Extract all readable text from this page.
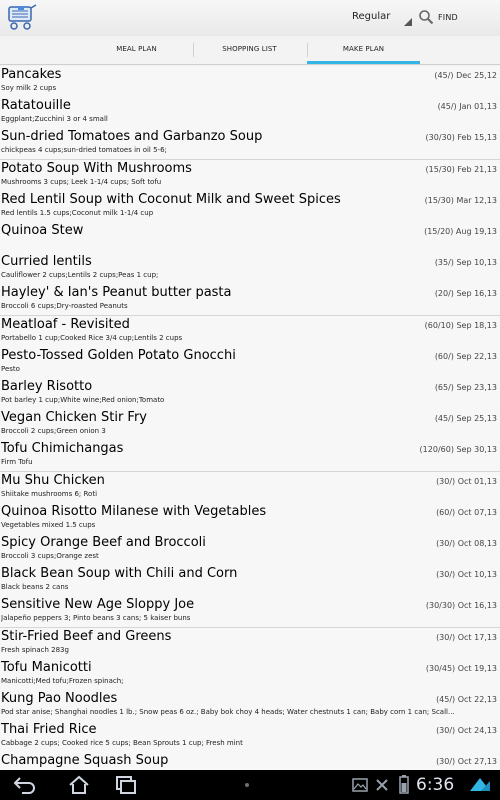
Regular	FIND
MEAL PLAN	SHOPPING LIST	MAKE PLAN
Pancakes
Soy milk 2 cups
(45/) Dec 25,12
Ratatouille
Eggplant;Zucchini 3 or 4 small
(45/) Jan 01,13
Sun-dried Tomatoes and Garbanzo Soup
chickpeas 4 cups;sun-dried tomatoes in oil 5-6;
(30/30) Feb 15,13
Potato Soup With Mushrooms
Mushrooms 3 cups; Leek 1-1/4 cups; Soft tofu
(15/30) Feb 21,13
Red Lentil Soup with Coconut Milk and Sweet Spices
Red lentils 1.5 cups;Coconut milk 1-1/4 cup
(15/30) Mar 12,13
Quinoa Stew	(15/20) Aug 19,13
Curried lentils
Cauliflower 2 cups;Lentils 2 cups;Peas 1 cup;
(35/) Sep 10,13
Hayley' & Ian's Peanut butter pasta
Broccoli 6 cups;Dry-roasted Peanuts
(20/) Sep 16,13
Meatloaf - Revisited
Portabello 1 cup;Cooked Rice 3/4 cup;Lentils 2 cups
(60/10) Sep 18,13
Pesto-Tossed Golden Potato Gnocchi
Pesto
(60/) Sep 22,13
Barley Risotto
Pot barley 1 cup;White wine;Red onion;Tomato
(65/) Sep 23,13
Vegan Chicken Stir Fry
Broccoli 2 cups;Green onion 3
(45/) Sep 25,13
Tofu Chimichangas
Firm Tofu
(120/60) Sep 30,13
Mu Shu Chicken
Shiitake mushrooms 6; Roti
(30/) Oct 01,13
Quinoa Risotto Milanese with Vegetables
Vegetables mixed 1.5 cups
(60/) Oct 07,13
Spicy Orange Beef and Broccoli
Broccoli 3 cups;Orange zest
(30/) Oct 08,13
Black Bean Soup with Chili and Corn
Black beans 2 cans
(30/) Oct 10,13
Sensitive New Age Sloppy Joe
Jalapeño peppers 3; Pinto beans 3 cans; 5 kaiser buns
(30/30) Oct 16,13
Stir-Fried Beef and Greens
Fresh spinach 283g
(30/) Oct 17,13
Tofu Manicotti
Manicotti;Med tofu;Frozen spinach;
(30/45) Oct 19,13
Kung Pao Noodles
Pod star anise; Shanghai noodles 1 lb.; Snow peas 6 oz.; Baby bok choy 4 heads; Water chestnuts 1 can; Baby corn 1 can; Scall...
(45/) Oct 22,13
Thai Fried Rice
Cabbage 2 cups; Cooked rice 5 cups; Bean Sprouts 1 cup; Fresh mint
(30/) Oct 24,13
Champagne Squash Soup	(30/) Oct 27,13
6:36
